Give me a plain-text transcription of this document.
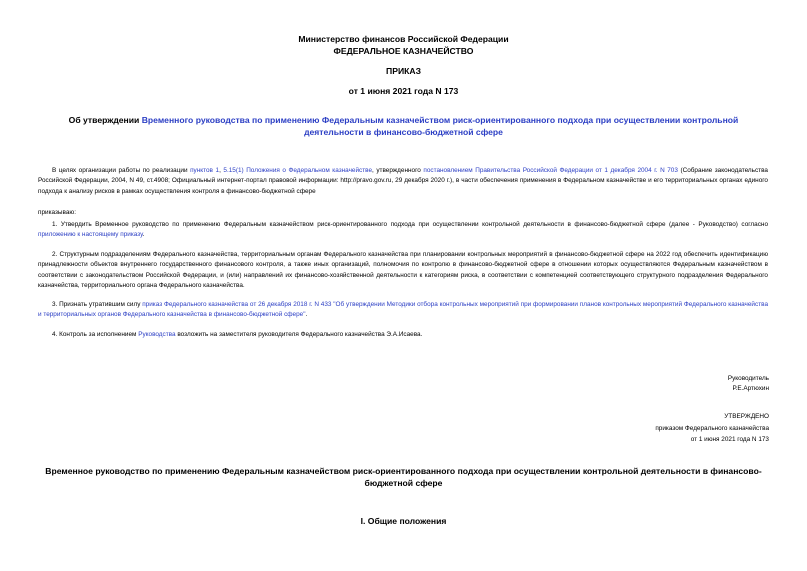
Министерство финансов Российской Федерации
ФЕДЕРАЛЬНОЕ КАЗНАЧЕЙСТВО
ПРИКАЗ
от 1 июня 2021 года N 173
Об утверждении Временного руководства по применению Федеральным казначейством риск-ориентированного подхода при осуществлении контрольной деятельности в финансово-бюджетной сфере
В целях организации работы по реализации пунктов 1, 5.15(1) Положения о Федеральном казначействе, утвержденного постановлением Правительства Российской Федерации от 1 декабря 2004 г. N 703 (Собрание законодательства Российской Федерации, 2004, N 49, ст.4908; Официальный интернет-портал правовой информации: http://pravo.gov.ru, 29 декабря 2020 г.), в части обеспечения применения в Федеральном казначействе и его территориальных органах единого подхода к анализу рисков в рамках осуществления контроля в финансово-бюджетной сфере
приказываю:
1. Утвердить Временное руководство по применению Федеральным казначейством риск-ориентированного подхода при осуществлении контрольной деятельности в финансово-бюджетной сфере (далее - Руководство) согласно приложению к настоящему приказу.
2. Структурным подразделениям Федерального казначейства, территориальным органам Федерального казначейства при планировании контрольных мероприятий в финансово-бюджетной сфере на 2022 год обеспечить идентификацию принадлежности объектов внутреннего государственного финансового контроля, а также иных организаций, полномочия по контролю в финансово-бюджетной сфере в отношении которых осуществляются Федеральным казначейством в соответствии с законодательством Российской Федерации, и (или) направлений их финансово-хозяйственной деятельности к категориям риска, в соответствии с компетенцией соответствующего структурного подразделения Федерального казначейства, территориального органа Федерального казначейства.
3. Признать утратившим силу приказ Федерального казначейства от 26 декабря 2018 г. N 433 "Об утверждении Методики отбора контрольных мероприятий при формировании планов контрольных мероприятий Федерального казначейства и территориальных органов Федерального казначейства в финансово-бюджетной сфере".
4. Контроль за исполнением Руководства возложить на заместителя руководителя Федерального казначейства Э.А.Исаева.
Руководитель
Р.Е.Артюхин
УТВЕРЖДЕНО
приказом Федерального казначейства
от 1 июня 2021 года N 173
Временное руководство по применению Федеральным казначейством риск-ориентированного подхода при осуществлении контрольной деятельности в финансово-бюджетной сфере
I. Общие положения
